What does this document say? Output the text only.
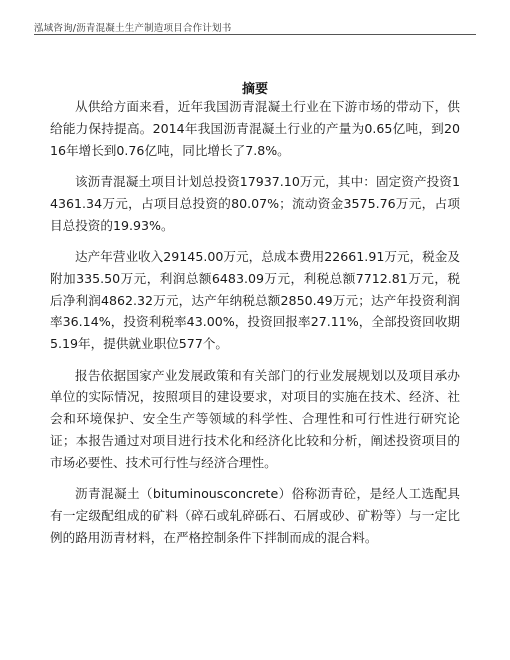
泓域咨询/沥青混凝土生产制造项目合作计划书
摘要

从供给方面来看，近年我国沥青混凝土行业在下游市场的带动下，供给能力保持提高。2014年我国沥青混凝土行业的产量为0.65亿吨，到2016年增长到0.76亿吨，同比增长了7.8%。

该沥青混凝土项目计划总投资17937.10万元，其中：固定资产投资14361.34万元，占项目总投资的80.07%；流动资金3575.76万元，占项目总投资的19.93%。

达产年营业收入29145.00万元，总成本费用22661.91万元，税金及附加335.50万元，利润总额6483.09万元，利税总额7712.81万元，税后净利润4862.32万元，达产年纳税总额2850.49万元；达产年投资利润率36.14%，投资利税率43.00%，投资回报率27.11%，全部投资回收期5.19年，提供就业职位577个。

报告依据国家产业发展政策和有关部门的行业发展规划以及项目承办单位的实际情况，按照项目的建设要求，对项目的实施在技术、经济、社会和环境保护、安全生产等领域的科学性、合理性和可行性进行研究论证；本报告通过对项目进行技术化和经济化比较和分析，阐述投资项目的市场必要性、技术可行性与经济合理性。

沥青混凝土（bituminousconcrete）俗称沥青砼，是经人工选配具有一定级配组成的矿料（碎石或轧碎砾石、石屑或砂、矿粉等）与一定比例的路用沥青材料，在严格控制条件下拌制而成的混合料。
